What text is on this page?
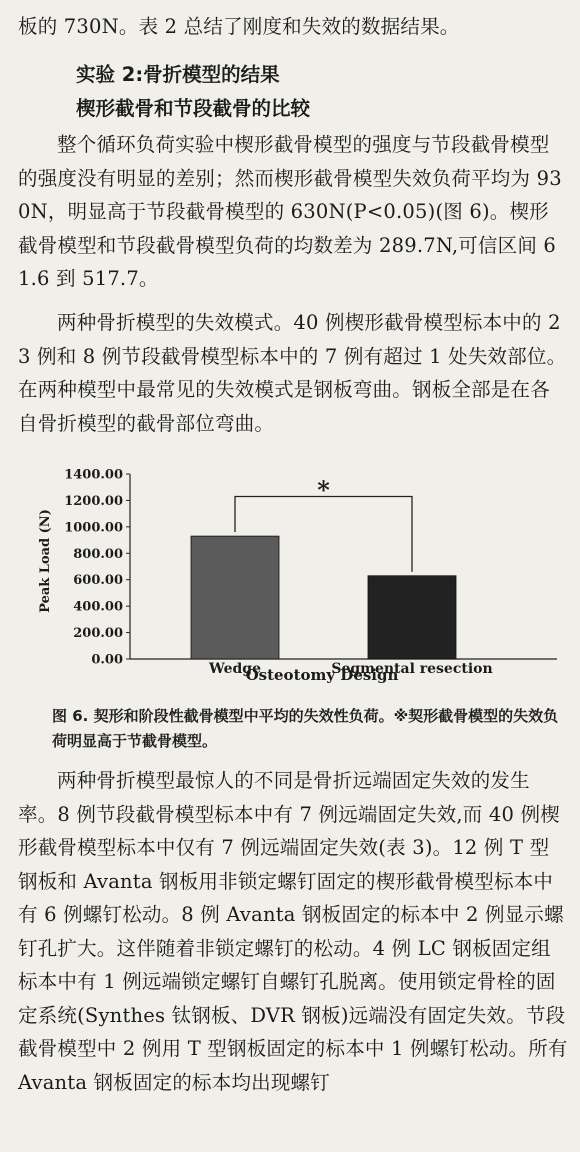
板的 730N。表 2 总结了刚度和失效的数据结果。
实验 2:骨折模型的结果
楔形截骨和节段截骨的比较
整个循环负荷实验中楔形截骨模型的强度与节段截骨模型的强度没有明显的差别；然而楔形截骨模型失效负荷平均为 930N，明显高于节段截骨模型的 630N(P<0.05)(图 6)。楔形截骨模型和节段截骨模型负荷的均数差为 289.7N,可信区间 61.6 到 517.7。
两种骨折模型的失效模式。40 例楔形截骨模型标本中的 23 例和 8 例节段截骨模型标本中的 7 例有超过 1 处失效部位。在两种模型中最常见的失效模式是钢板弯曲。钢板全部是在各自骨折模型的截骨部位弯曲。
0.00
200.00
400.00
600.00
800.00
1000.00
1200.00
1400.00
Wedge	Segmental resection
*
Peak Load (N)
Osteotomy Design
图 6. 契形和阶段性截骨模型中平均的失效性负荷。※契形截骨模型的失效负荷明显高于节截骨模型。
两种骨折模型最惊人的不同是骨折远端固定失效的发生率。8 例节段截骨模型标本中有 7 例远端固定失效,而 40 例楔形截骨模型标本中仅有 7 例远端固定失效(表 3)。12 例 T 型钢板和 Avanta 钢板用非锁定螺钉固定的楔形截骨模型标本中有 6 例螺钉松动。8 例 Avanta 钢板固定的标本中 2 例显示螺钉孔扩大。这伴随着非锁定螺钉的松动。4 例 LC 钢板固定组标本中有 1 例远端锁定螺钉自螺钉孔脱离。使用锁定骨栓的固定系统(Synthes 钛钢板、DVR 钢板)远端没有固定失效。节段截骨模型中 2 例用 T 型钢板固定的标本中 1 例螺钉松动。所有 Avanta 钢板固定的标本均出现螺钉
